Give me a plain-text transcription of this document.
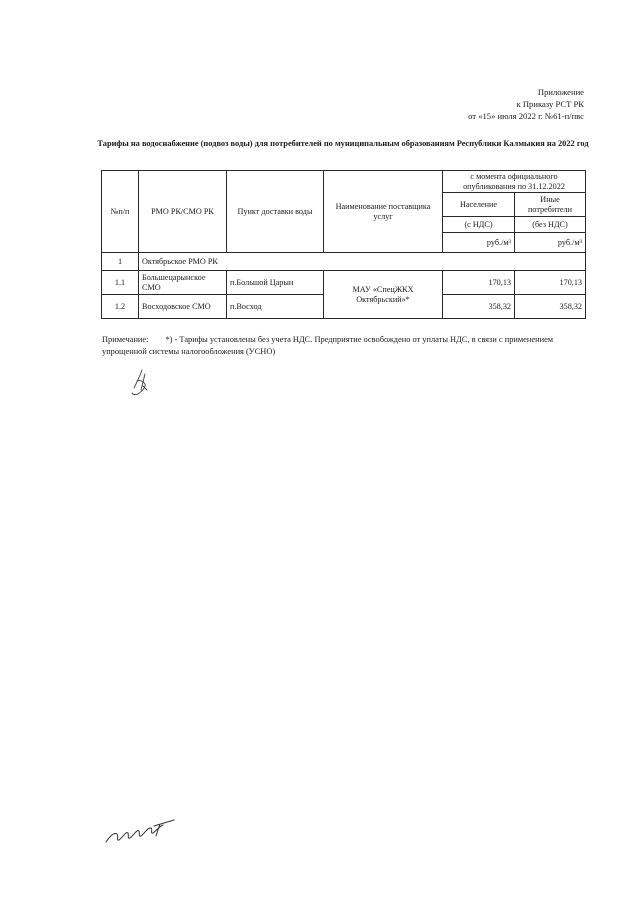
Приложение
к Приказу РСТ РК
от «15» июля 2022 г. №61-п/пвс
Тарифы на водоснабжение (подвоз воды) для потребителей по муниципальным образованиям Республики Калмыкия на 2022 год
№п/п	РМО РК/СМО РК	Пункт доставки воды	Наименование поставщика услуг	с момента официального опубликования по 31.12.2022	
				Население	Иные потребители
				(с НДС)	(без НДС)
				руб./м³	руб./м³
1	Октябрьское РМО РК				
1.1	Большецарынское СМО	п.Большой Царын	МАУ «СпецЖКХ Октябрьский»*	170,13	170,13
1.2	Восходовское СМО	п.Восход		358,32	358,32
Примечание: *) - Тарифы установлены без учета НДС. Предприятие освобождено от уплаты НДС, в связи с применением упрощенной системы налогообложения (УСНО)
